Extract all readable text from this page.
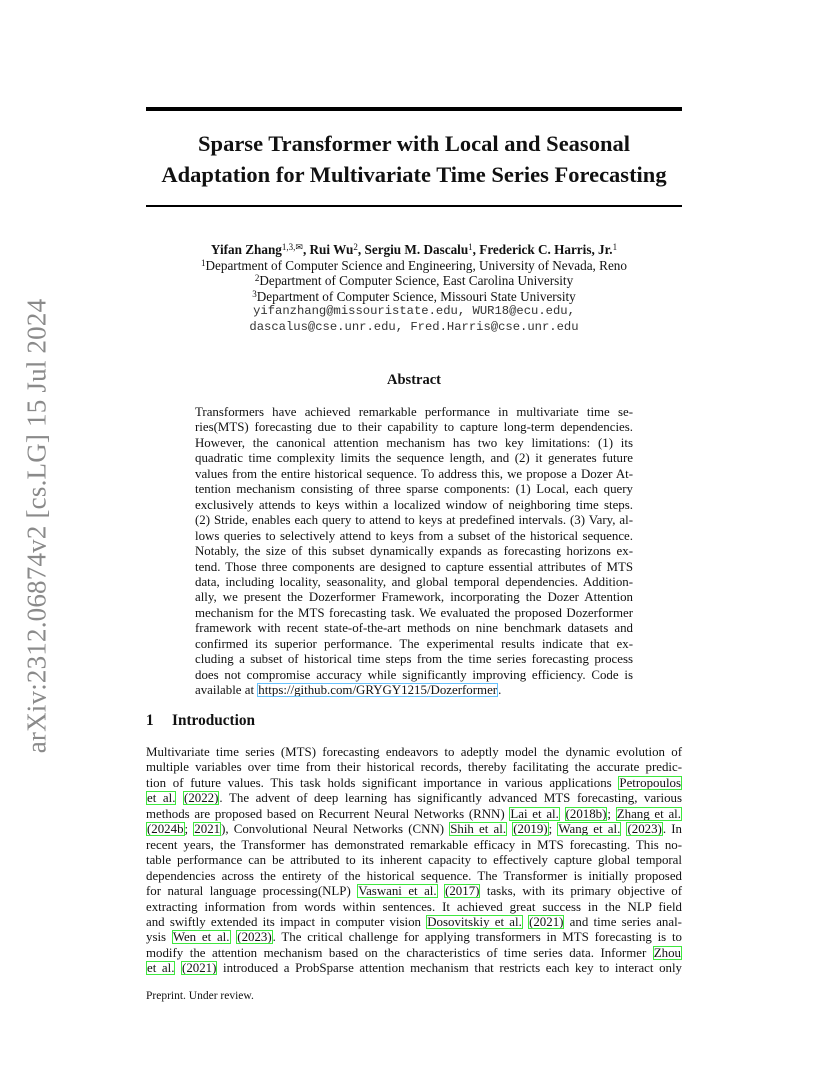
arXiv:2312.06874v2 [cs.LG] 15 Jul 2024
Sparse Transformer with Local and Seasonal
Adaptation for Multivariate Time Series Forecasting
Yifan Zhang$^{1,3,✉}$, Rui Wu$^2$, Sergiu M. Dascalu$^1$, Frederick C. Harris, Jr.$^1$
$^1$Department of Computer Science and Engineering, University of Nevada, Reno
$^2$Department of Computer Science, East Carolina University
$^3$Department of Computer Science, Missouri State University
yifanzhang@missouristate.edu, WUR18@ecu.edu,
dascalus@cse.unr.edu, Fred.Harris@cse.unr.edu
Abstract
Transformers have achieved remarkable performance in multivariate time se-
ries(MTS) forecasting due to their capability to capture long-term dependencies.
However, the canonical attention mechanism has two key limitations: (1) its
quadratic time complexity limits the sequence length, and (2) it generates future
values from the entire historical sequence. To address this, we propose a Dozer At-
tention mechanism consisting of three sparse components: (1) Local, each query
exclusively attends to keys within a localized window of neighboring time steps.
(2) Stride, enables each query to attend to keys at predefined intervals. (3) Vary, al-
lows queries to selectively attend to keys from a subset of the historical sequence.
Notably, the size of this subset dynamically expands as forecasting horizons ex-
tend. Those three components are designed to capture essential attributes of MTS
data, including locality, seasonality, and global temporal dependencies. Addition-
ally, we present the Dozerformer Framework, incorporating the Dozer Attention
mechanism for the MTS forecasting task. We evaluated the proposed Dozerformer
framework with recent state-of-the-art methods on nine benchmark datasets and
confirmed its superior performance. The experimental results indicate that ex-
cluding a subset of historical time steps from the time series forecasting process
does not compromise accuracy while significantly improving efficiency. Code is
available at https://github.com/GRYGY1215/Dozerformer.
1 Introduction
Multivariate time series (MTS) forecasting endeavors to adeptly model the dynamic evolution of
multiple variables over time from their historical records, thereby facilitating the accurate predic-
tion of future values. This task holds significant importance in various applications Petropoulos
et al. (2022). The advent of deep learning has significantly advanced MTS forecasting, various
methods are proposed based on Recurrent Neural Networks (RNN) Lai et al. (2018b); Zhang et al.
(2024b; 2021), Convolutional Neural Networks (CNN) Shih et al. (2019); Wang et al. (2023). In
recent years, the Transformer has demonstrated remarkable efficacy in MTS forecasting. This no-
table performance can be attributed to its inherent capacity to effectively capture global temporal
dependencies across the entirety of the historical sequence. The Transformer is initially proposed
for natural language processing(NLP) Vaswani et al. (2017) tasks, with its primary objective of
extracting information from words within sentences. It achieved great success in the NLP field
and swiftly extended its impact in computer vision Dosovitskiy et al. (2021) and time series anal-
ysis Wen et al. (2023). The critical challenge for applying transformers in MTS forecasting is to
modify the attention mechanism based on the characteristics of time series data. Informer Zhou
et al. (2021) introduced a ProbSparse attention mechanism that restricts each key to interact only
Preprint. Under review.
